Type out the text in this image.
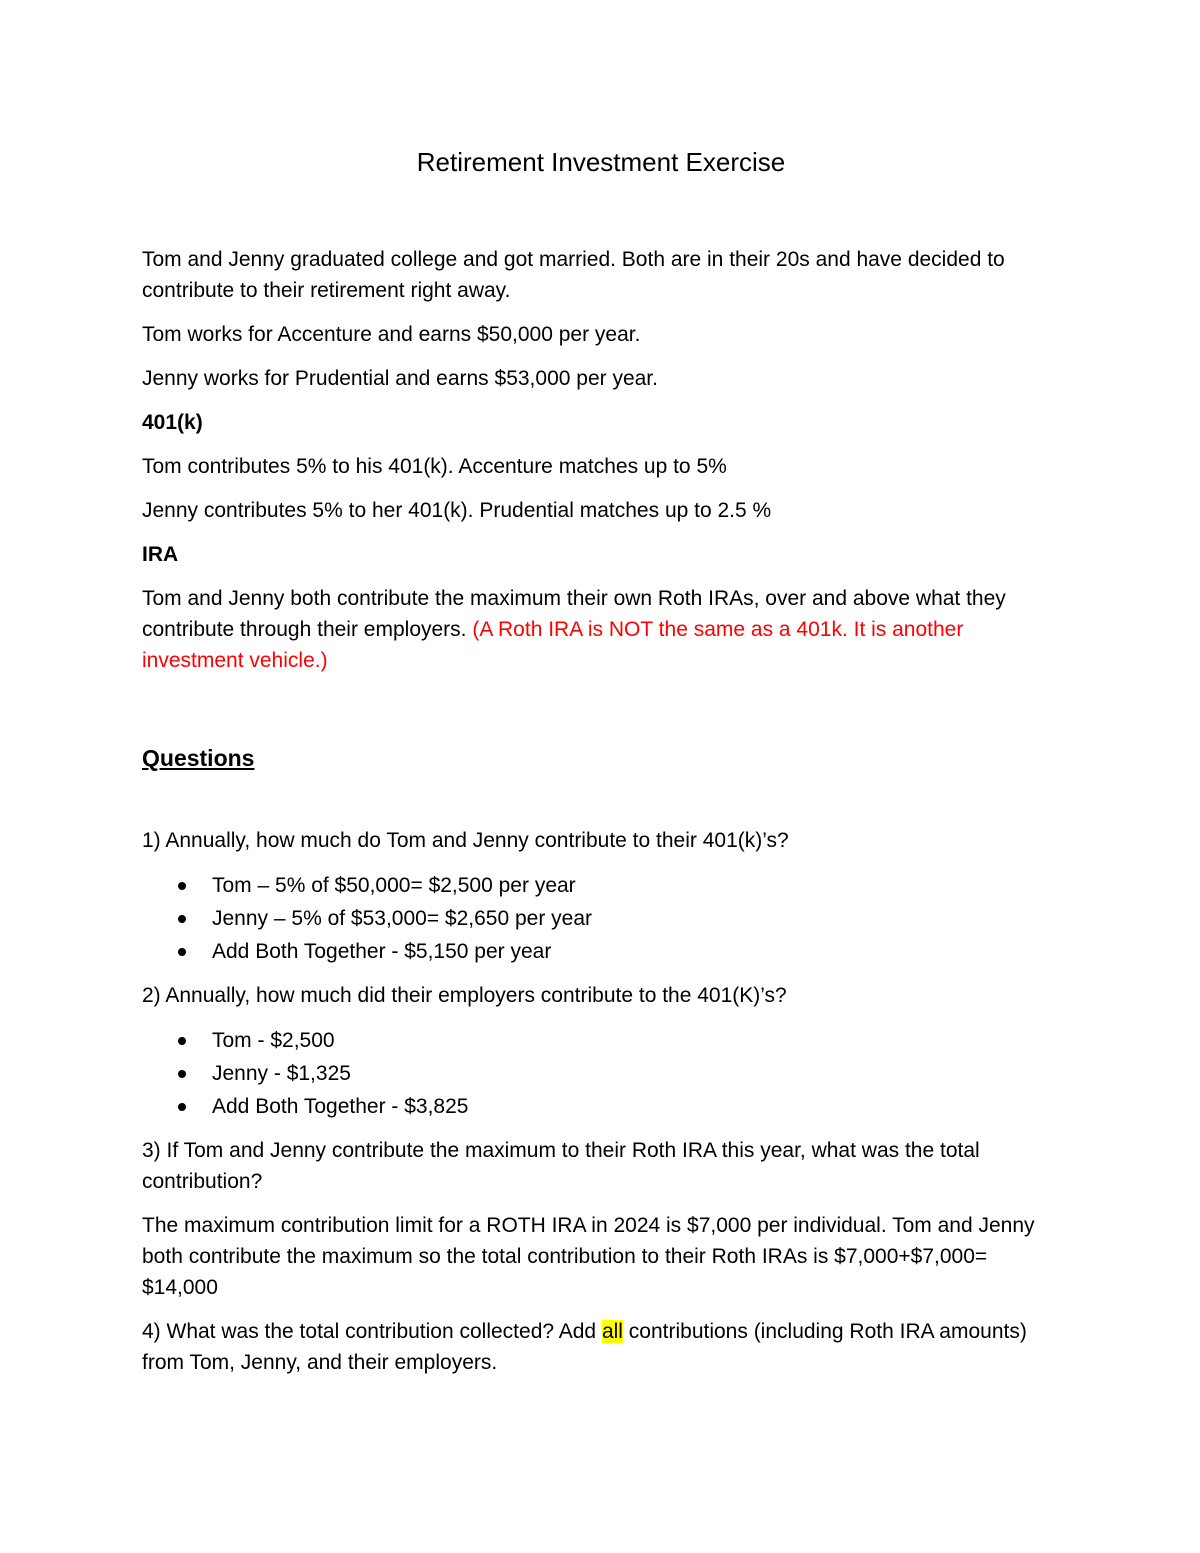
Retirement Investment Exercise

Tom and Jenny graduated college and got married. Both are in their 20s and have decided to contribute to their retirement right away.

Tom works for Accenture and earns $50,000 per year.

Jenny works for Prudential and earns $53,000 per year.

401(k)

Tom contributes 5% to his 401(k). Accenture matches up to 5%

Jenny contributes 5% to her 401(k). Prudential matches up to 2.5 %

IRA

Tom and Jenny both contribute the maximum their own Roth IRAs, over and above what they contribute through their employers. (A Roth IRA is NOT the same as a 401k. It is another investment vehicle.)

Questions

1) Annually, how much do Tom and Jenny contribute to their 401(k)’s?

Tom – 5% of $50,000= $2,500 per year
Jenny – 5% of $53,000= $2,650 per year
Add Both Together - $5,150 per year

2) Annually, how much did their employers contribute to the 401(K)’s?

Tom - $2,500
Jenny - $1,325
Add Both Together - $3,825

3) If Tom and Jenny contribute the maximum to their Roth IRA this year, what was the total contribution?

The maximum contribution limit for a ROTH IRA in 2024 is $7,000 per individual. Tom and Jenny both contribute the maximum so the total contribution to their Roth IRAs is $7,000+$7,000= $14,000

4) What was the total contribution collected? Add all contributions (including Roth IRA amounts) from Tom, Jenny, and their employers.
